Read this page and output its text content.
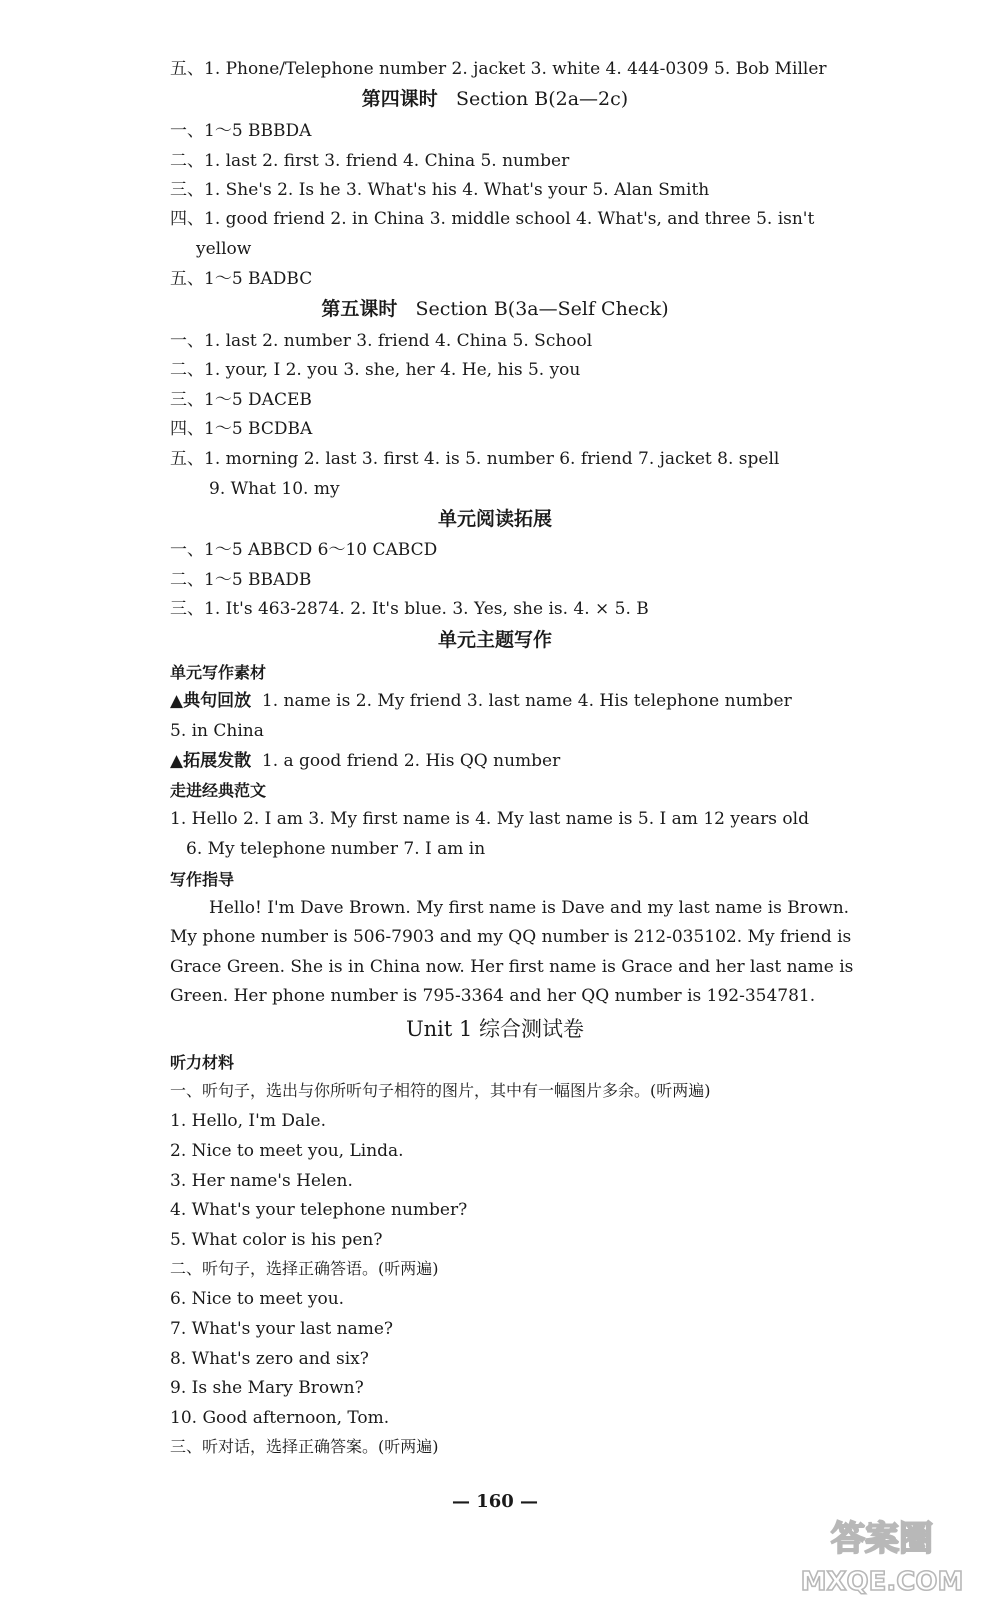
五、1. Phone/Telephone number 2. jacket 3. white 4. 444-0309 5. Bob Miller
第四课时 Section B(2a—2c)
一、1～5 BBBDA
二、1. last 2. first 3. friend 4. China 5. number
三、1. She's 2. Is he 3. What's his 4. What's your 5. Alan Smith
四、1. good friend 2. in China 3. middle school 4. What's, and three 5. isn't
yellow
五、1～5 BADBC
第五课时 Section B(3a—Self Check)
一、1. last 2. number 3. friend 4. China 5. School
二、1. your, I 2. you 3. she, her 4. He, his 5. you
三、1～5 DACEB
四、1～5 BCDBA
五、1. morning 2. last 3. first 4. is 5. number 6. friend 7. jacket 8. spell
9. What 10. my
单元阅读拓展
一、1～5 ABBCD 6～10 CABCD
二、1～5 BBADB
三、1. It's 463-2874. 2. It's blue. 3. Yes, she is. 4. × 5. B
单元主题写作
单元写作素材
▲典句回放 1. name is 2. My friend 3. last name 4. His telephone number
5. in China
▲拓展发散 1. a good friend 2. His QQ number
走进经典范文
1. Hello 2. I am 3. My first name is 4. My last name is 5. I am 12 years old
6. My telephone number 7. I am in
写作指导
Hello! I'm Dave Brown. My first name is Dave and my last name is Brown.
My phone number is 506-7903 and my QQ number is 212-035102. My friend is
Grace Green. She is in China now. Her first name is Grace and her last name is
Green. Her phone number is 795-3364 and her QQ number is 192-354781.
Unit 1 综合测试卷
听力材料
一、听句子，选出与你所听句子相符的图片，其中有一幅图片多余。(听两遍)
1. Hello, I'm Dale.
2. Nice to meet you, Linda.
3. Her name's Helen.
4. What's your telephone number?
5. What color is his pen?
二、听句子，选择正确答语。(听两遍)
6. Nice to meet you.
7. What's your last name?
8. What's zero and six?
9. Is she Mary Brown?
10. Good afternoon, Tom.
三、听对话，选择正确答案。(听两遍)
— 160 —
答案圈
MXQE.COM
